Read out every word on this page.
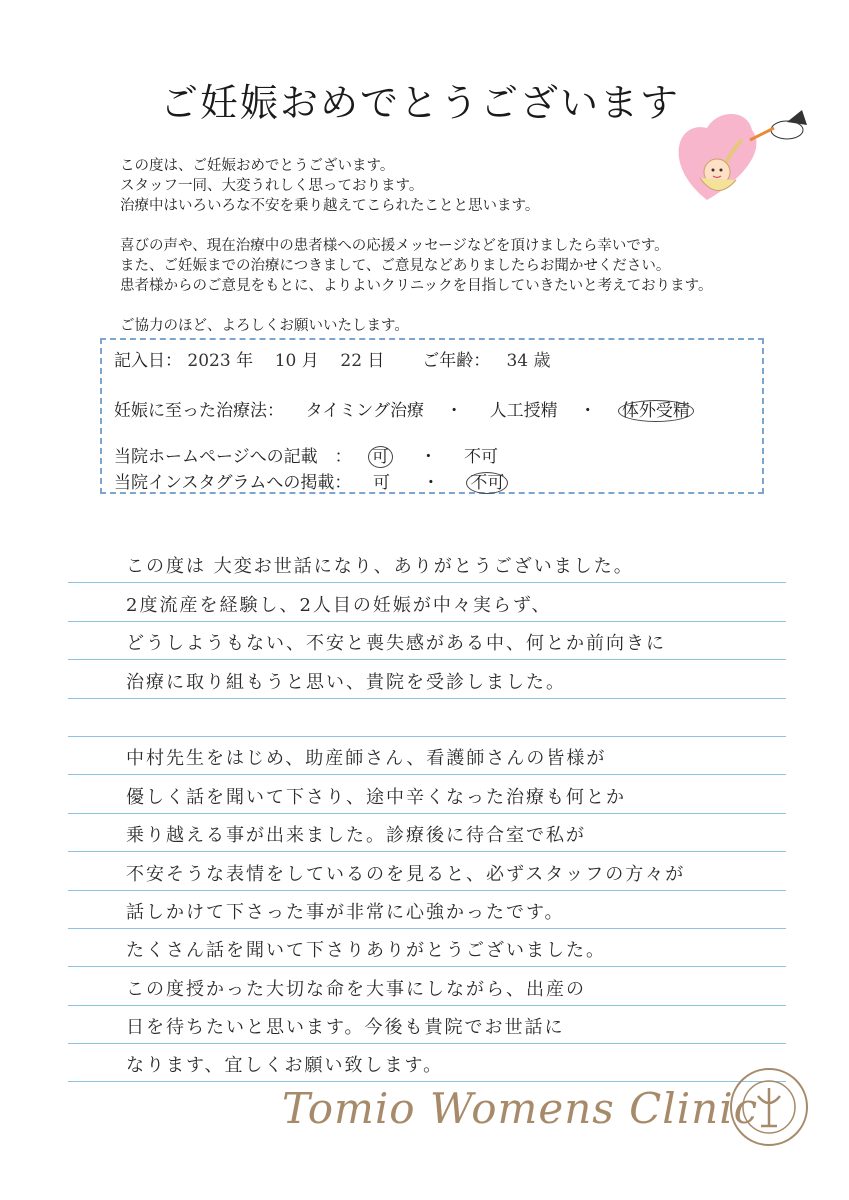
ご妊娠おめでとうございます

この度は、ご妊娠おめでとうございます。

スタッフ一同、大変うれしく思っております。

治療中はいろいろな不安を乗り越えてこられたことと思います。

喜びの声や、現在治療中の患者様への応援メッセージなどを頂けましたら幸いです。

また、ご妊娠までの治療につきまして、ご意見などありましたらお聞かせください。

患者様からのご意見をもとに、よりよいクリニックを目指していきたいと考えております。

ご協力のほど、よろしくお願いいたします。

記入日： 2023 年 10 月 22 日 ご年齢： 34 歳
妊娠に至った治療法： タイミング治療 ・ 人工授精 ・ 体外受精
当院ホームページへの記載　： 可 ・ 不可
当院インスタグラムへの掲載： 可 ・ 不可
この度は 大変お世話になり、ありがとうございました。
2度流産を経験し、2人目の妊娠が中々実らず、
どうしようもない、不安と喪失感がある中、何とか前向きに
治療に取り組もうと思い、貴院を受診しました。
中村先生をはじめ、助産師さん、看護師さんの皆様が
優しく話を聞いて下さり、途中辛くなった治療も何とか
乗り越える事が出来ました。診療後に待合室で私が
不安そうな表情をしているのを見ると、必ずスタッフの方々が
話しかけて下さった事が非常に心強かったです。
たくさん話を聞いて下さりありがとうございました。
この度授かった大切な命を大事にしながら、出産の
日を待ちたいと思います。今後も貴院でお世話に
なります、宜しくお願い致します。
Tomio Womens Clinic
